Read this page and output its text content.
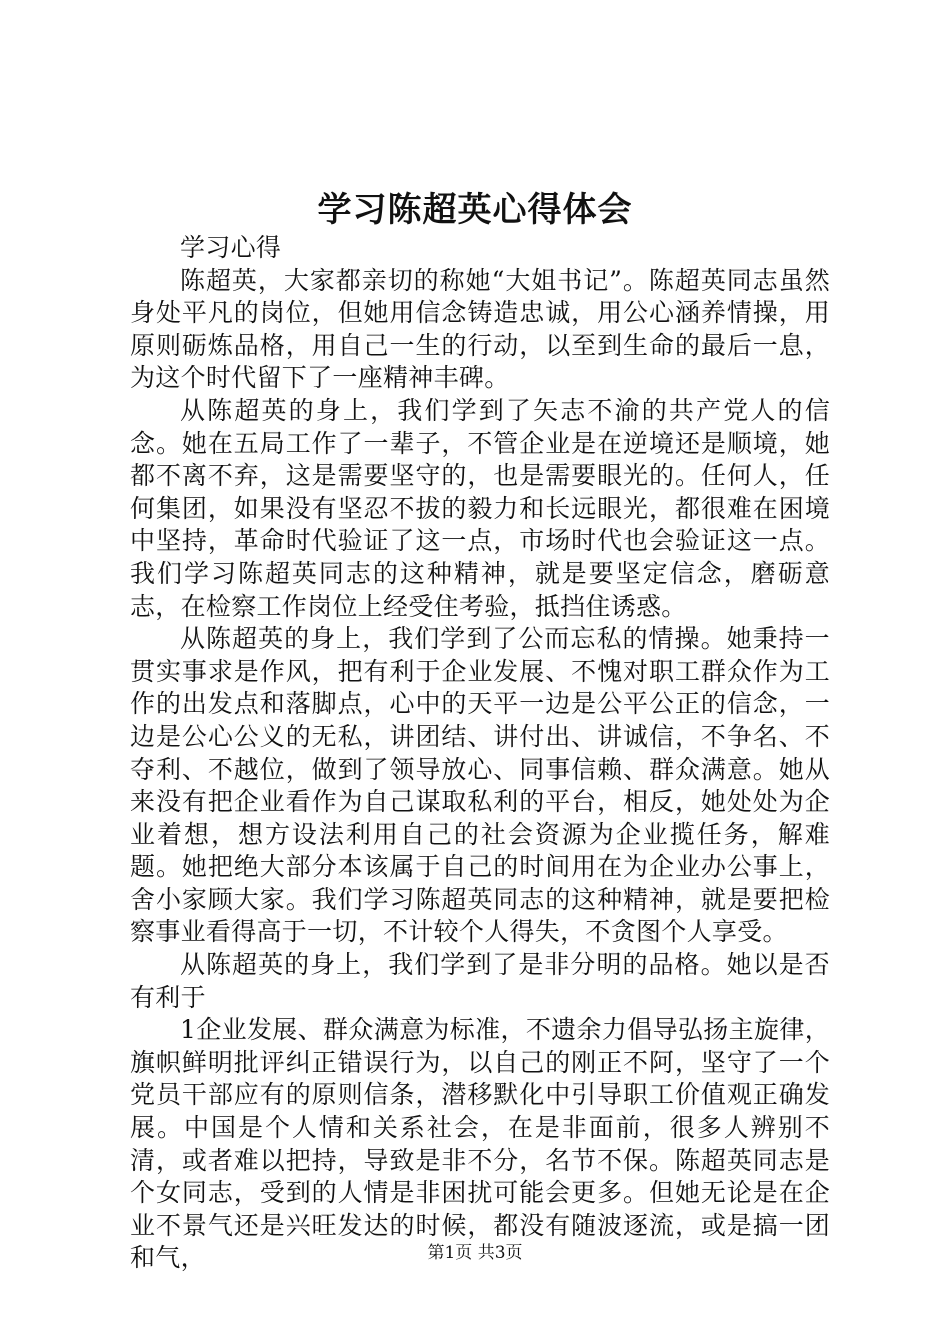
学习陈超英心得体会

学习心得

陈超英，大家都亲切的称她“大姐书记”。陈超英同志虽然身处平凡的岗位，但她用信念铸造忠诚，用公心涵养情操，用原则砺炼品格，用自己一生的行动，以至到生命的最后一息，为这个时代留下了一座精神丰碑。

从陈超英的身上，我们学到了矢志不渝的共产党人的信念。她在五局工作了一辈子，不管企业是在逆境还是顺境，她都不离不弃，这是需要坚守的，也是需要眼光的。任何人，任何集团，如果没有坚忍不拔的毅力和长远眼光，都很难在困境中坚持，革命时代验证了这一点，市场时代也会验证这一点。我们学习陈超英同志的这种精神，就是要坚定信念，磨砺意志，在检察工作岗位上经受住考验，抵挡住诱惑。

从陈超英的身上，我们学到了公而忘私的情操。她秉持一贯实事求是作风，把有利于企业发展、不愧对职工群众作为工作的出发点和落脚点，心中的天平一边是公平公正的信念，一边是公心公义的无私，讲团结、讲付出、讲诚信，不争名、不夺利、不越位，做到了领导放心、同事信赖、群众满意。她从来没有把企业看作为自己谋取私利的平台，相反，她处处为企业着想，想方设法利用自己的社会资源为企业揽任务，解难题。她把绝大部分本该属于自己的时间用在为企业办公事上，舍小家顾大家。我们学习陈超英同志的这种精神，就是要把检察事业看得高于一切，不计较个人得失，不贪图个人享受。

从陈超英的身上，我们学到了是非分明的品格。她以是否有利于

1企业发展、群众满意为标准，不遗余力倡导弘扬主旋律，旗帜鲜明批评纠正错误行为，以自己的刚正不阿，坚守了一个党员干部应有的原则信条，潜移默化中引导职工价值观正确发展。中国是个人情和关系社会，在是非面前，很多人辨别不清，或者难以把持，导致是非不分，名节不保。陈超英同志是个女同志，受到的人情是非困扰可能会更多。但她无论是在企业不景气还是兴旺发达的时候，都没有随波逐流，或是搞一团和气，	第1页 共3页
